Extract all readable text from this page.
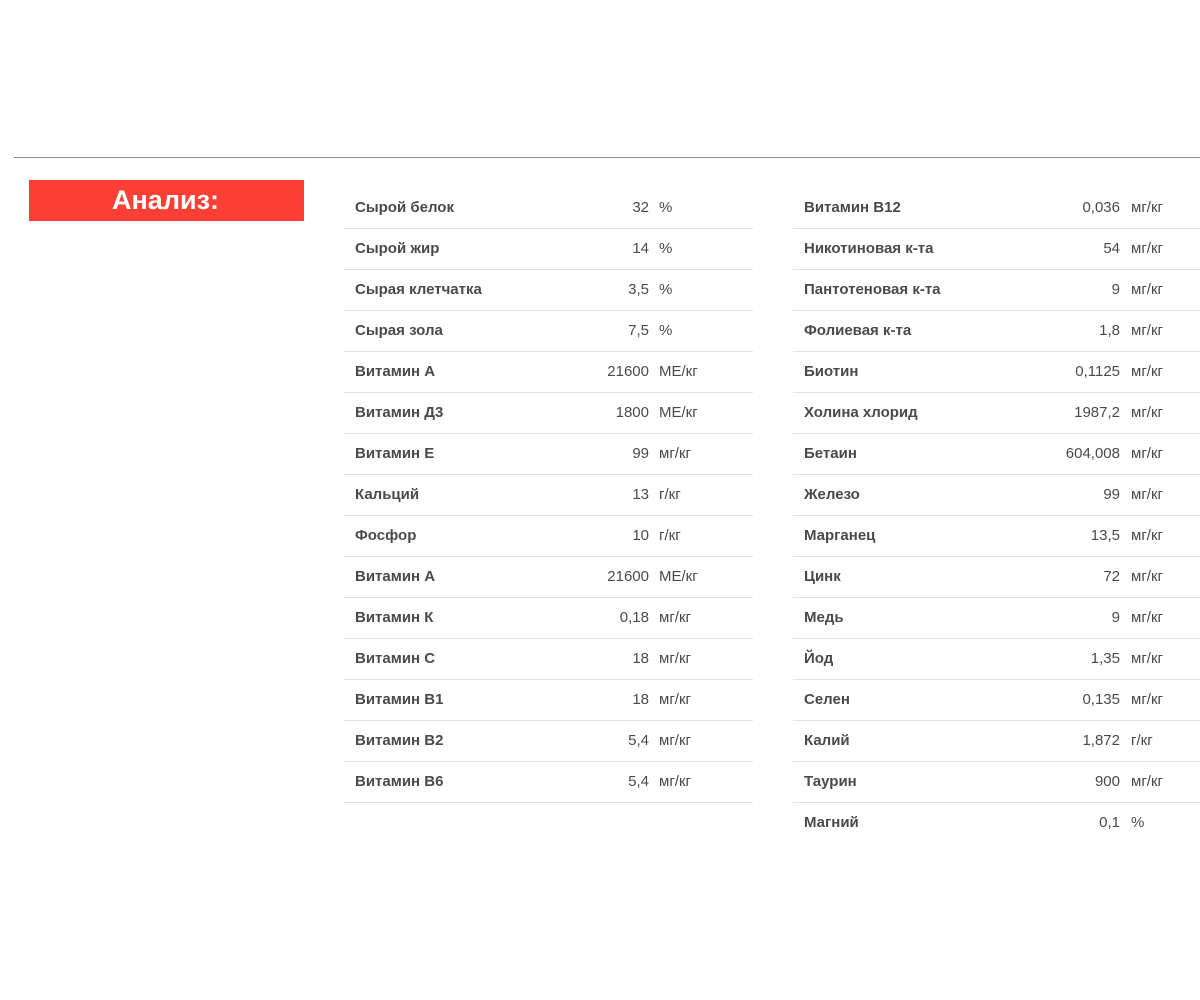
Анализ:	Сырой белок	32 %
Сырой жир	14 %
Сырая клетчатка	3,5 %
Сырая зола	7,5 %
Витамин А	21600 МЕ/кг
Витамин Д3	1800 МЕ/кг
Витамин Е	99 мг/кг
Кальций	13 г/кг
Фосфор	10 г/кг
Витамин А	21600 МЕ/кг
Витамин К	0,18 мг/кг
Витамин С	18 мг/кг
Витамин В1	18 мг/кг
Витамин В2	5,4 мг/кг
Витамин В6	5,4 мг/кг
Витамин В12	0,036 мг/кг
Никотиновая к-та	54 мг/кг
Пантотеновая к-та	9 мг/кг
Фолиевая к-та	1,8 мг/кг
Биотин	0,1125 мг/кг
Холина хлорид	1987,2 мг/кг
Бетаин	604,008 мг/кг
Железо	99 мг/кг
Марганец	13,5 мг/кг
Цинк	72 мг/кг
Медь	9 мг/кг
Йод	1,35 мг/кг
Селен	0,135 мг/кг
Калий	1,872 г/кг
Таурин	900 мг/кг
Магний	0,1 %
